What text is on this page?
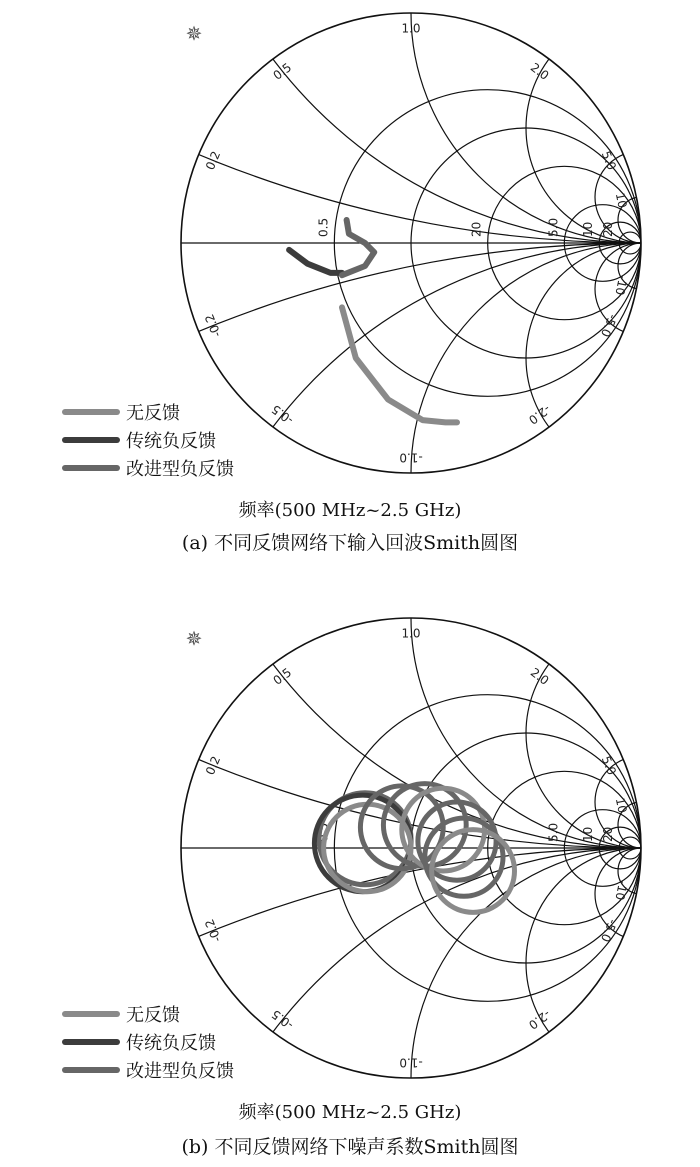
0.2
0.5
1.0
2.0
5.0
10
-0.2
-0.5
-1.0
-2.0
-5.0
-10
0.5	20	5.0 10 20
✵
无反馈
传统负反馈
改进型负反馈
频率(500 MHz~2.5 GHz)
(a) 不同反馈网络下输入回波Smith圆图
0.2
0.5
1.0
2.0
5.0
10
-0.2
-0.5
-1.0
-2.0
-5.0
-10
0.5	5.0 10 20
✵
无反馈
传统负反馈
改进型负反馈
频率(500 MHz~2.5 GHz)
(b) 不同反馈网络下噪声系数Smith圆图
